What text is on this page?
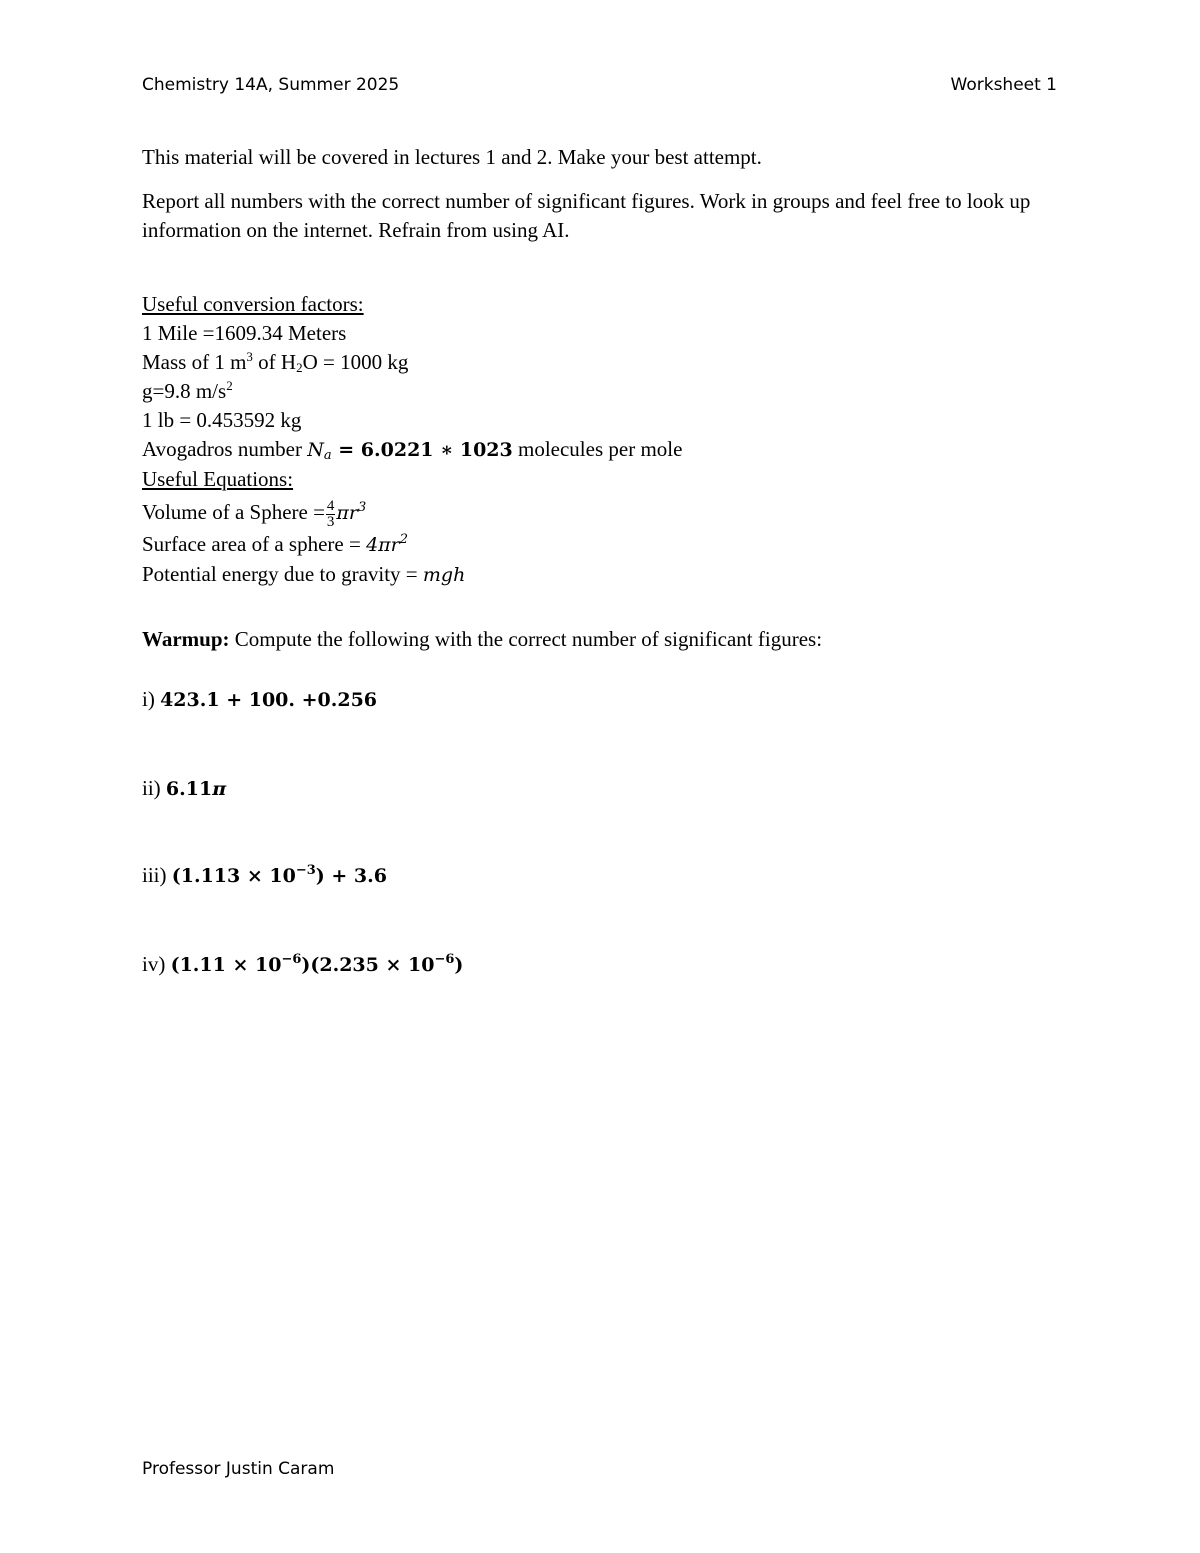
Chemistry 14A, Summer 2025	Worksheet 1
This material will be covered in lectures 1 and 2. Make your best attempt.
Report all numbers with the correct number of significant figures. Work in groups and feel free to look up information on the internet. Refrain from using AI.
Useful conversion factors:
1 Mile =1609.34 Meters
Mass of 1 $m^3$ of $H_2O = 1000$ kg
g=9.8 $m/s^2$
1 lb = 0.453592 kg
Avogadros number $N_a = 6.0221$ ∗ 1023 molecules per mole
Useful Equations:
Volume of a Sphere = $\frac{4}{3} \pi r^3$
Surface area of a sphere = $4\pi r^2$
Potential energy due to gravity = mgh
Warmup: Compute the following with the correct number of significant figures:
i) 423.1 + 100. +0.256
ii) 6.11π
iii) $(1.113 \times 10^{-3}) + 3.6$
iv) $(1.11 \times 10^{-6})(2.235 \times 10^{-6})$
Professor Justin Caram
